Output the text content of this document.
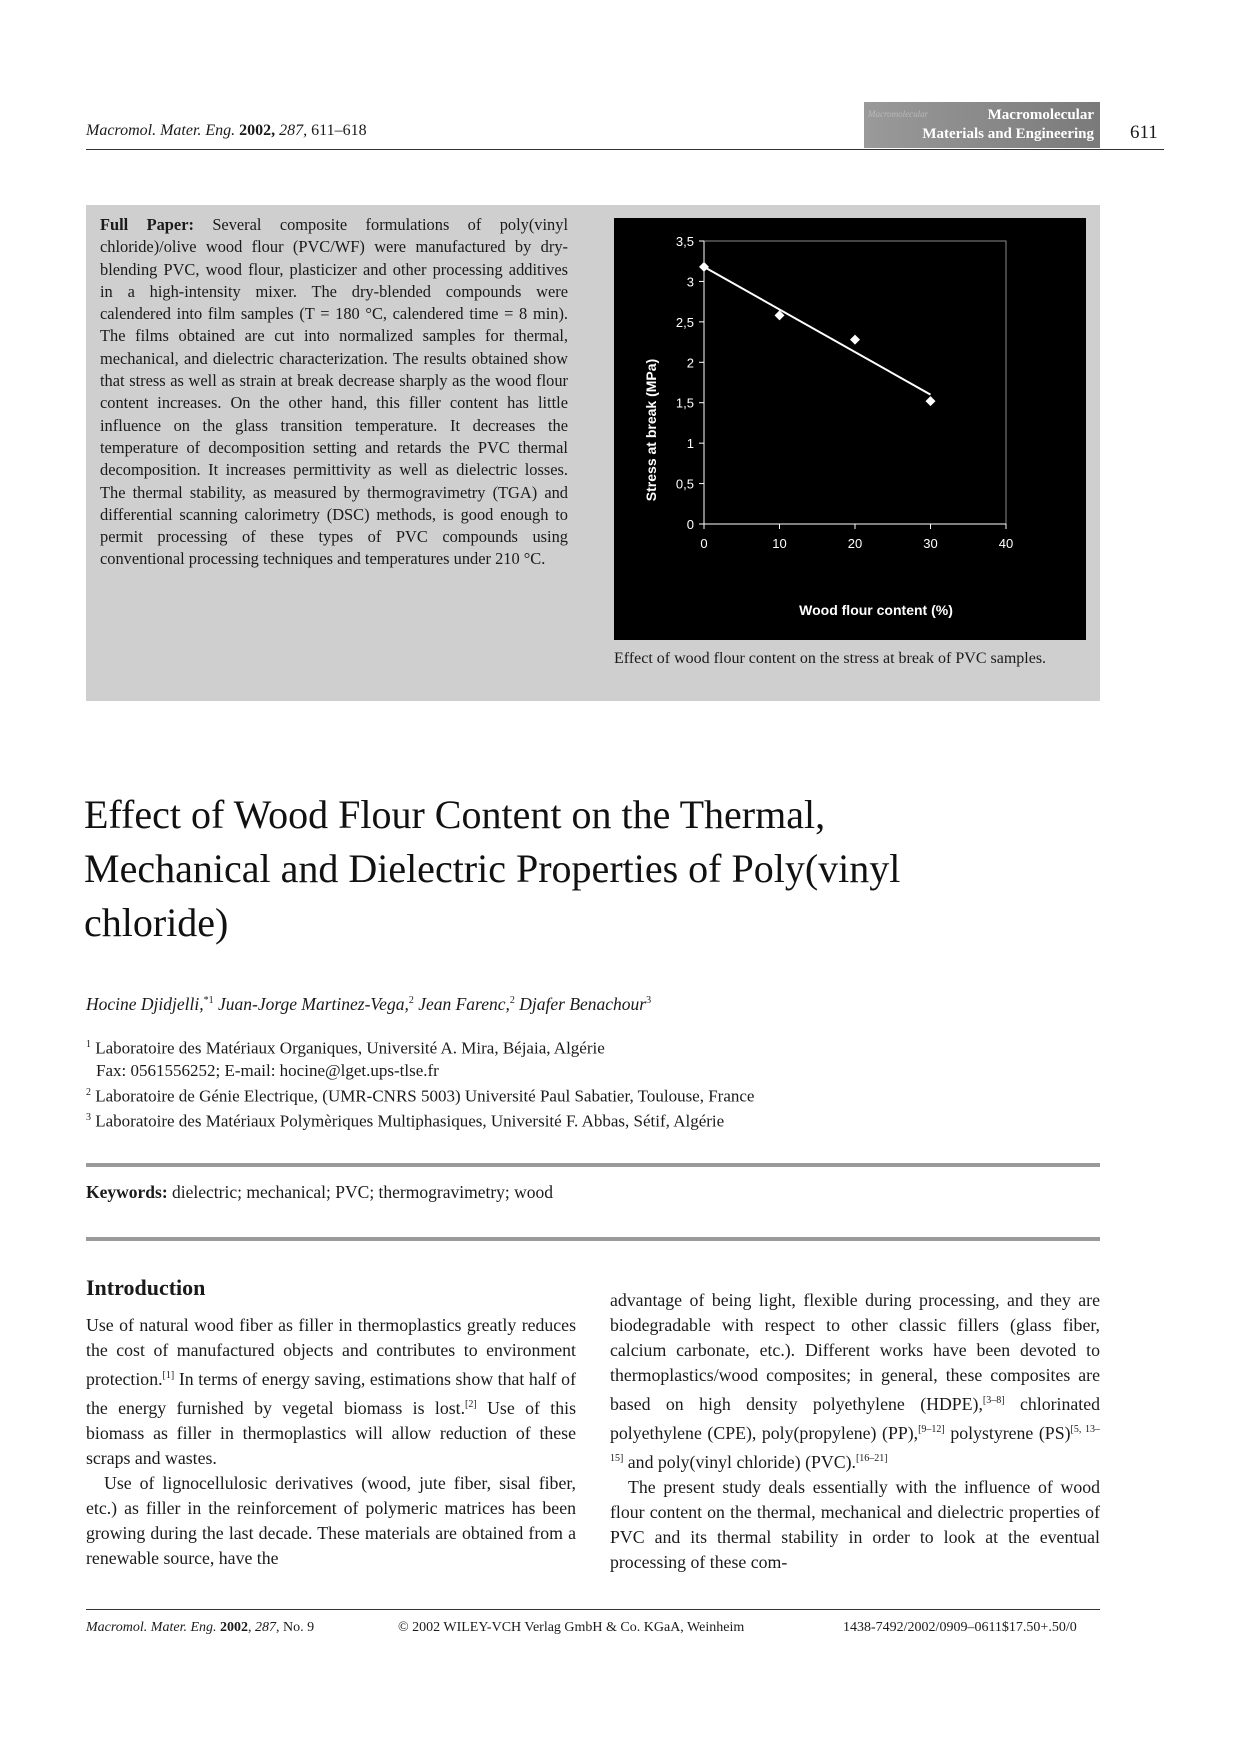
Macromol. Mater. Eng. 2002, 287, 611–618
Macromolecular	Macromolecular
Materials and Engineering 611
Full Paper: Several composite formulations of poly(vinyl chloride)/olive wood flour (PVC/WF) were manufactured by dry-blending PVC, wood flour, plasticizer and other processing additives in a high-intensity mixer. The dry-blended compounds were calendered into film samples (T = 180 °C, calendered time = 8 min). The films obtained are cut into normalized samples for thermal, mechanical, and dielectric characterization. The results obtained show that stress as well as strain at break decrease sharply as the wood flour content increases. On the other hand, this filler content has little influence on the glass transition temperature. It decreases the temperature of decomposition setting and retards the PVC thermal decomposition. It increases permittivity as well as dielectric losses. The thermal stability, as measured by thermogravimetry (TGA) and differential scanning calorimetry (DSC) methods, is good enough to permit processing of these types of PVC compounds using conventional processing techniques and temperatures under 210 °C.
0
0,5
1
1,5
2
2,5
3
3,5
0	10	20	30	40
Wood flour content (%)
Stress at break (MPa)
Effect of wood flour content on the stress at break of PVC samples.
Effect of Wood Flour Content on the Thermal,
Mechanical and Dielectric Properties of Poly(vinyl
chloride)
Hocine Djidjelli,$^{*1}$ Juan-Jorge Martinez-Vega,$^2$ Jean Farenc,$^2$ Djafer Benachour$^3$
$^1$ Laboratoire des Matériaux Organiques, Université A. Mira, Béjaia, Algérie
Fax: 0561556252; E-mail: hocine@lget.ups-tlse.fr
$^2$ Laboratoire de Génie Electrique, (UMR-CNRS 5003) Université Paul Sabatier, Toulouse, France
$^3$ Laboratoire des Matériaux Polymèriques Multiphasiques, Université F. Abbas, Sétif, Algérie
Keywords: dielectric; mechanical; PVC; thermogravimetry; wood
Introduction

Use of natural wood fiber as filler in thermoplastics greatly reduces the cost of manufactured objects and contributes to environment protection.[1] In terms of energy saving, estimations show that half of the energy furnished by vegetal biomass is lost.[2] Use of this biomass as filler in thermoplastics will allow reduction of these scraps and wastes.

Use of lignocellulosic derivatives (wood, jute fiber, sisal fiber, etc.) as filler in the reinforcement of polymeric matrices has been growing during the last decade. These materials are obtained from a renewable source, have the

advantage of being light, flexible during processing, and they are biodegradable with respect to other classic fillers (glass fiber, calcium carbonate, etc.). Different works have been devoted to thermoplastics/wood composites; in general, these composites are based on high density polyethylene (HDPE),[3–8] chlorinated polyethylene (CPE), poly(propylene) (PP),[9–12] polystyrene (PS)[5, 13–15] and poly(vinyl chloride) (PVC).[16–21]

The present study deals essentially with the influence of wood flour content on the thermal, mechanical and dielectric properties of PVC and its thermal stability in order to look at the eventual processing of these com-

Macromol. Mater. Eng. 2002, 287, No. 9	© 2002 WILEY-VCH Verlag GmbH & Co. KGaA, Weinheim	1438-7492/2002/0909–0611$17.50+.50/0
